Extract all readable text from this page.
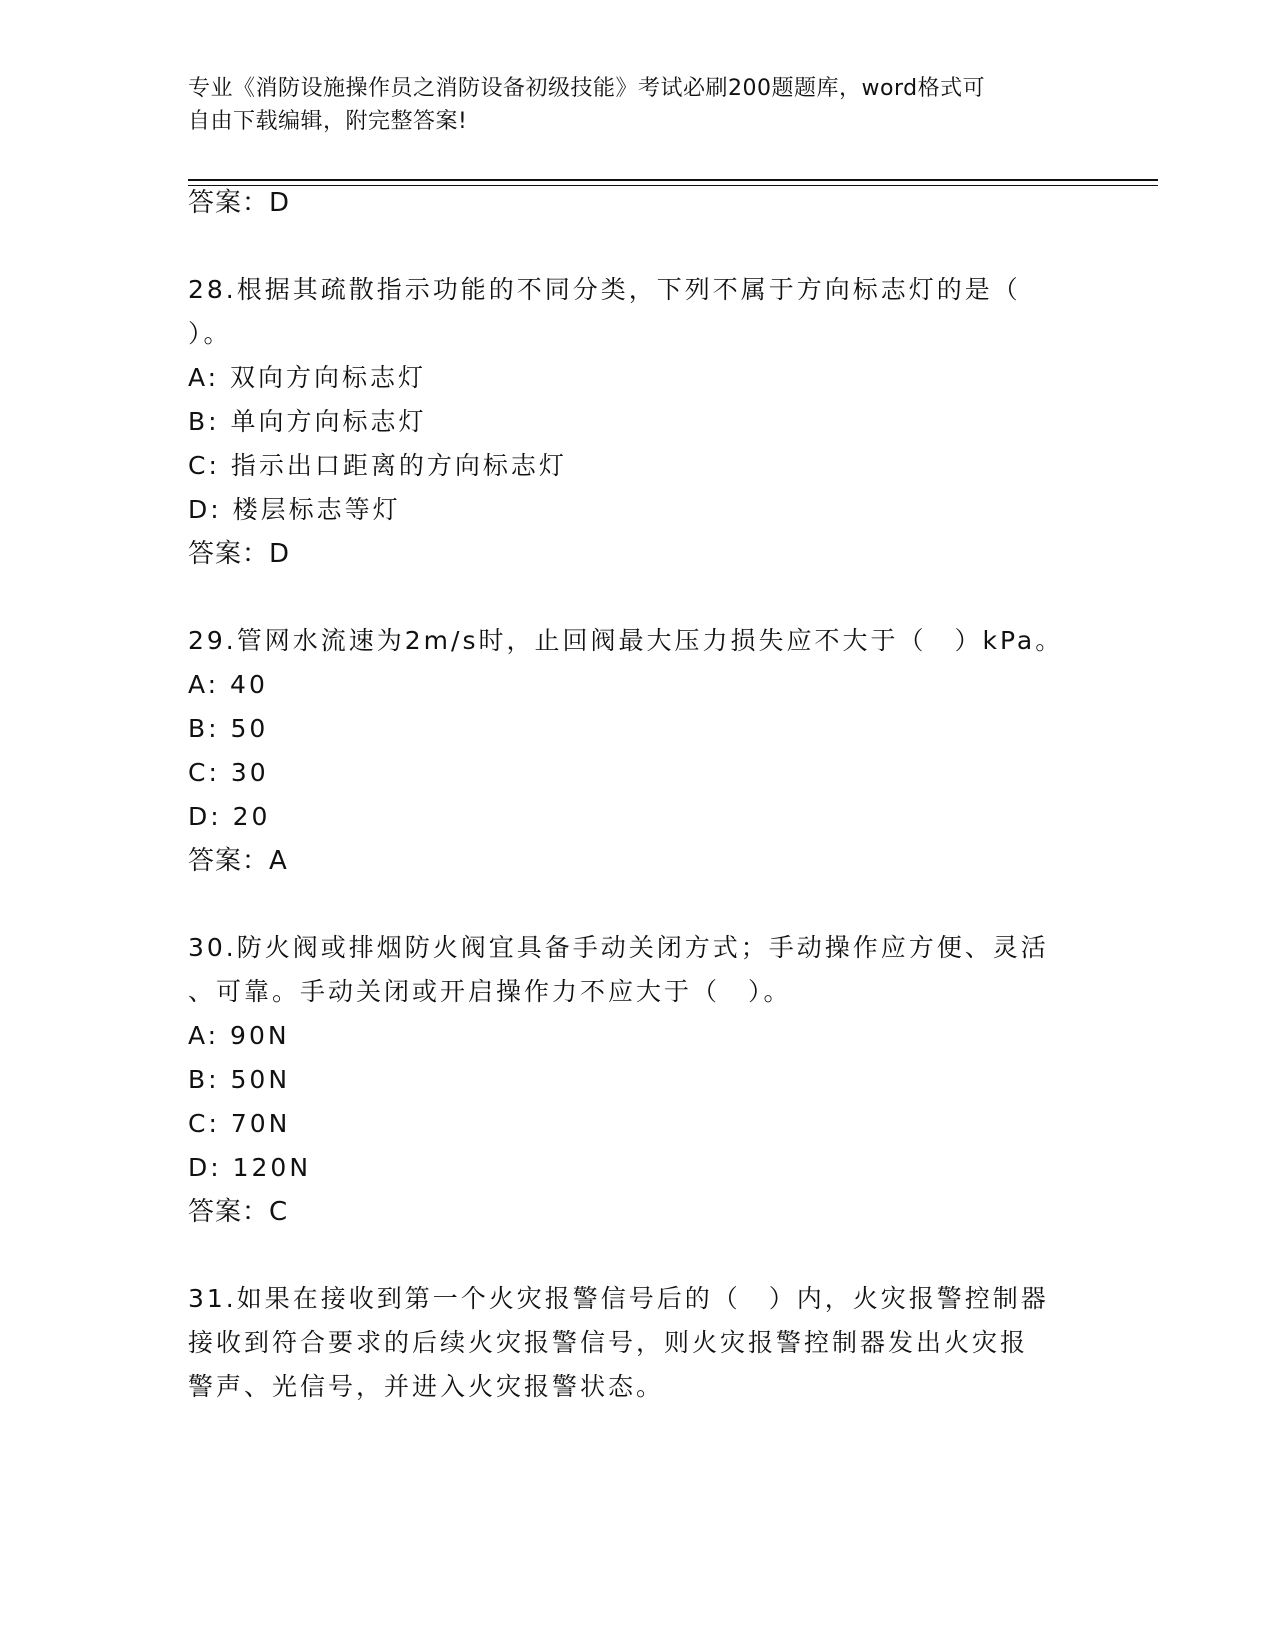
专业《消防设施操作员之消防设备初级技能》考试必刷200题题库，word格式可
自由下载编辑，附完整答案!
答案：D
28.根据其疏散指示功能的不同分类，下列不属于方向标志灯的是（
）。
A: 双向方向标志灯
B: 单向方向标志灯
C: 指示出口距离的方向标志灯
D: 楼层标志等灯
答案：D
29.管网水流速为2m/s时，止回阀最大压力损失应不大于（　）kPa。
A: 40
B: 50
C: 30
D: 20
答案：A
30.防火阀或排烟防火阀宜具备手动关闭方式；手动操作应方便、灵活
、可靠。手动关闭或开启操作力不应大于（　）。
A: 90N
B: 50N
C: 70N
D: 120N
答案：C
31.如果在接收到第一个火灾报警信号后的（　）内，火灾报警控制器
接收到符合要求的后续火灾报警信号，则火灾报警控制器发出火灾报
警声、光信号，并进入火灾报警状态。
